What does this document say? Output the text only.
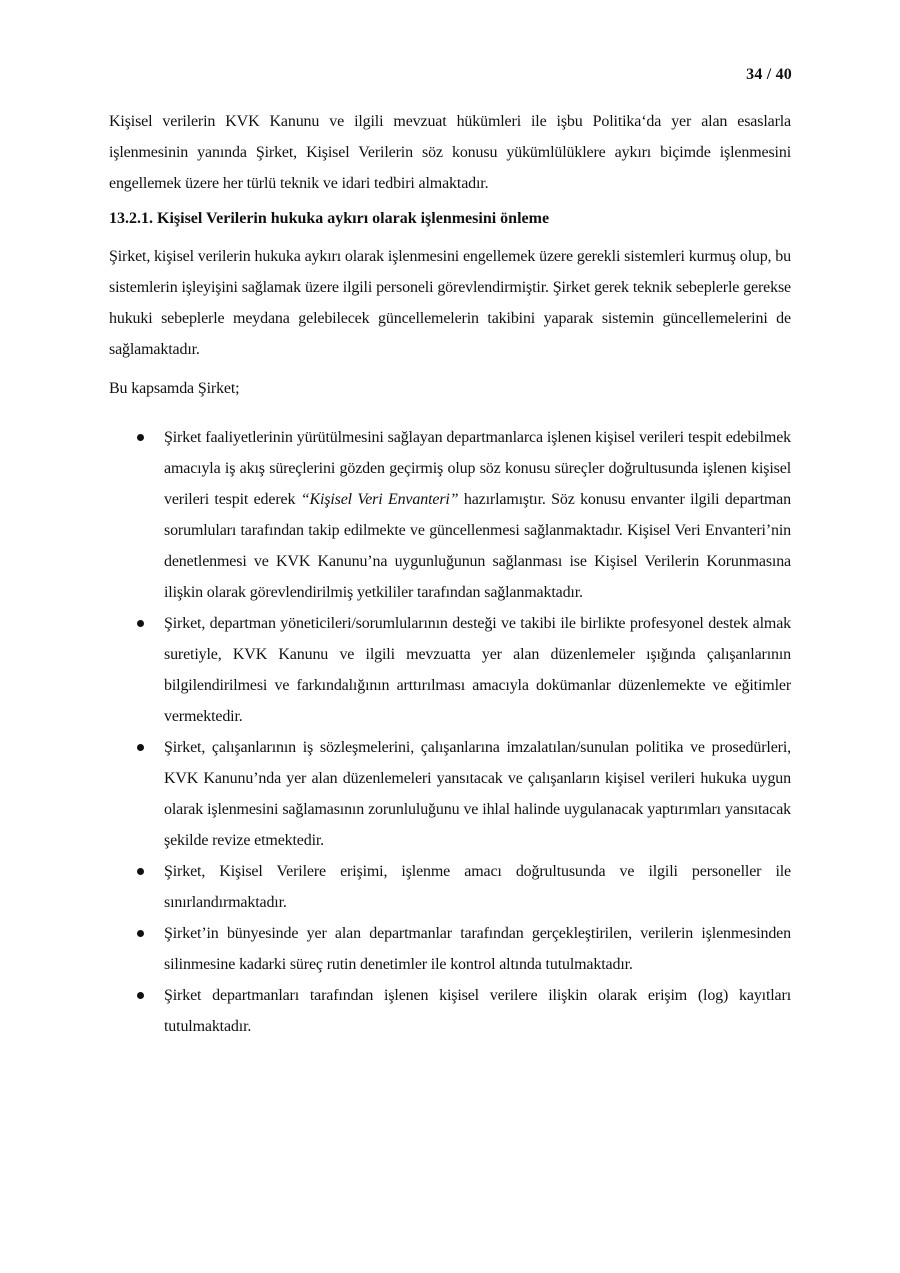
34 / 40

Kişisel verilerin KVK Kanunu ve ilgili mevzuat hükümleri ile işbu Politika‘da yer alan esaslarla işlenmesinin yanında Şirket, Kişisel Verilerin söz konusu yükümlülüklere aykırı biçimde işlenmesini engellemek üzere her türlü teknik ve idari tedbiri almaktadır.

13.2.1. Kişisel Verilerin hukuka aykırı olarak işlenmesini önleme

Şirket, kişisel verilerin hukuka aykırı olarak işlenmesini engellemek üzere gerekli sistemleri kurmuş olup, bu sistemlerin işleyişini sağlamak üzere ilgili personeli görevlendirmiştir. Şirket gerek teknik sebeplerle gerekse hukuki sebeplerle meydana gelebilecek güncellemelerin takibini yaparak sistemin güncellemelerini de sağlamaktadır.

Bu kapsamda Şirket;

Şirket faaliyetlerinin yürütülmesini sağlayan departmanlarca işlenen kişisel verileri tespit edebilmek amacıyla iş akış süreçlerini gözden geçirmiş olup söz konusu süreçler doğrultusunda işlenen kişisel verileri tespit ederek “Kişisel Veri Envanteri” hazırlamıştır. Söz konusu envanter ilgili departman sorumluları tarafından takip edilmekte ve güncellenmesi sağlanmaktadır. Kişisel Veri Envanteri’nin denetlenmesi ve KVK Kanunu’na uygunluğunun sağlanması ise Kişisel Verilerin Korunmasına ilişkin olarak görevlendirilmiş yetkililer tarafından sağlanmaktadır.

Şirket, departman yöneticileri/sorumlularının desteği ve takibi ile birlikte profesyonel destek almak suretiyle, KVK Kanunu ve ilgili mevzuatta yer alan düzenlemeler ışığında çalışanlarının bilgilendirilmesi ve farkındalığının arttırılması amacıyla dokümanlar düzenlemekte ve eğitimler vermektedir.

Şirket, çalışanlarının iş sözleşmelerini, çalışanlarına imzalatılan/sunulan politika ve prosedürleri, KVK Kanunu’nda yer alan düzenlemeleri yansıtacak ve çalışanların kişisel verileri hukuka uygun olarak işlenmesini sağlamasının zorunluluğunu ve ihlal halinde uygulanacak yaptırımları yansıtacak şekilde revize etmektedir.

Şirket, Kişisel Verilere erişimi, işlenme amacı doğrultusunda ve ilgili personeller ile sınırlandırmaktadır.

Şirket’in bünyesinde yer alan departmanlar tarafından gerçekleştirilen, verilerin işlenmesinden silinmesine kadarki süreç rutin denetimler ile kontrol altında tutulmaktadır.

Şirket departmanları tarafından işlenen kişisel verilere ilişkin olarak erişim (log) kayıtları tutulmaktadır.
